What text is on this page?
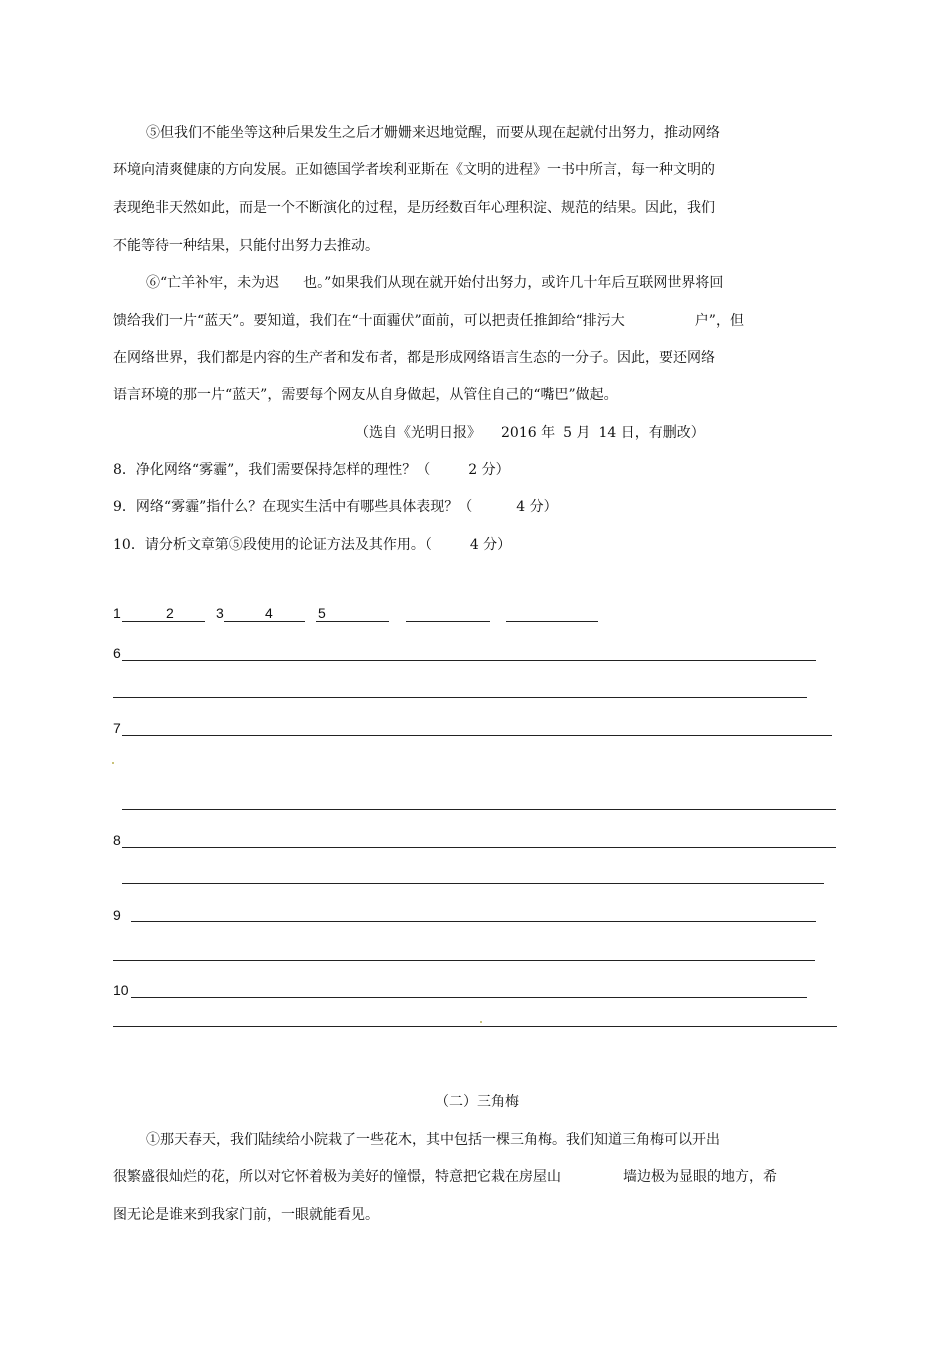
⑤但我们不能坐等这种后果发生之后才姗姗来迟地觉醒，而要从现在起就付出努力，推动网络
环境向清爽健康的方向发展。正如德国学者埃利亚斯在《文明的进程》一书中所言，每一种文明的
表现绝非天然如此，而是一个不断演化的过程，是历经数百年心理积淀、规范的结果。因此，我们
不能等待一种结果，只能付出努力去推动。
⑥“亡羊补牢，未为迟 也。”如果我们从现在就开始付出努力，或许几十年后互联网世界将回
馈给我们一片“蓝天”。要知道，我们在“十面霾伏”面前，可以把责任推卸给“排污大	户”，但
在网络世界，我们都是内容的生产者和发布者，都是形成网络语言生态的一分子。因此，要还网络
语言环境的那一片“蓝天”，需要每个网友从自身做起，从管住自己的“嘴巴”做起。
（选自《光明日报》 2016 年 5 月 14 日，有删改）
8．净化网络“雾霾”，我们需要保持怎样的理性？（	2 分）
9．网络“雾霾”指什么？在现实生活中有哪些具体表现？（	4 分）
10．请分析文章第⑤段使用的论证方法及其作用。（	4 分）
1	2	3	4	5
6
7
8
9
10
（二）三角梅
①那天春天，我们陆续给小院栽了一些花木，其中包括一棵三角梅。我们知道三角梅可以开出
很繁盛很灿烂的花，所以对它怀着极为美好的憧憬，特意把它栽在房屋山	墙边极为显眼的地方，希
图无论是谁来到我家门前，一眼就能看见。
